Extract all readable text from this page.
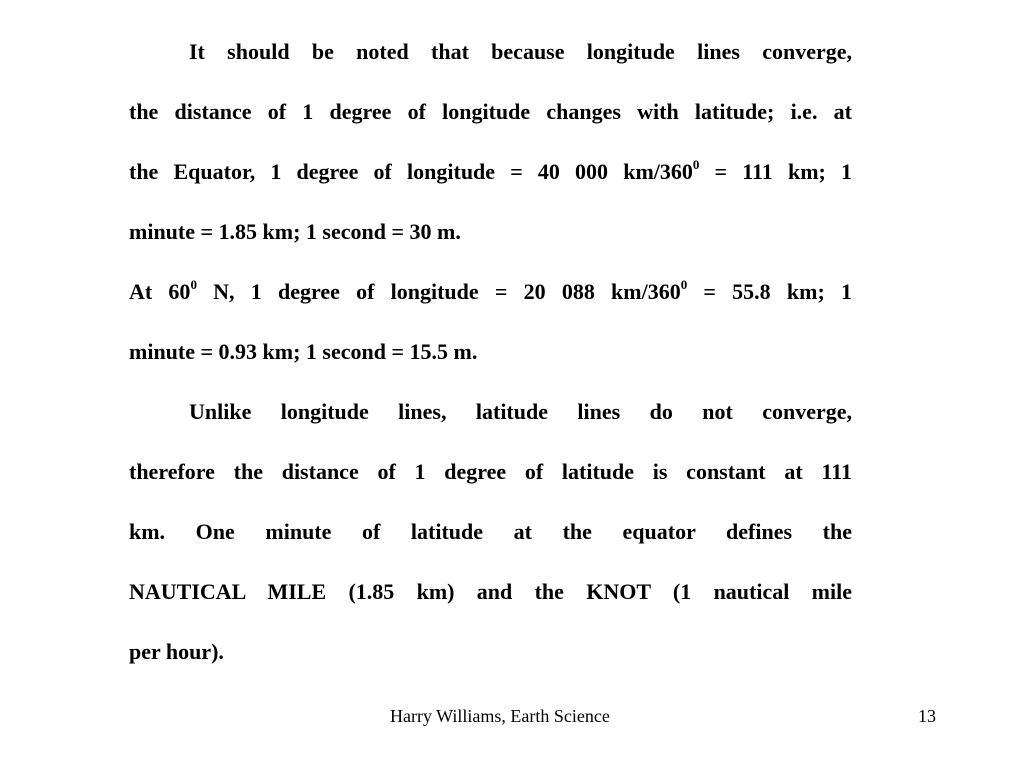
It should be noted that because longitude lines converge,
the distance of 1 degree of longitude changes with latitude; i.e. at
the Equator, 1 degree of longitude = 40 000 $km/360^0 = 111$ km; 1
minute = 1.85 km; 1 second = 30 m.
At $60^0$ N, 1 degree of longitude = 20 088 $km/360^0 = 55.8$ km; 1
minute = 0.93 km; 1 second = 15.5 m.
Unlike longitude lines, latitude lines do not converge,
therefore the distance of 1 degree of latitude is constant at 111
km. One minute of latitude at the equator defines the
NAUTICAL MILE (1.85 km) and the KNOT (1 nautical mile
per hour).
Harry Williams, Earth Science	13
